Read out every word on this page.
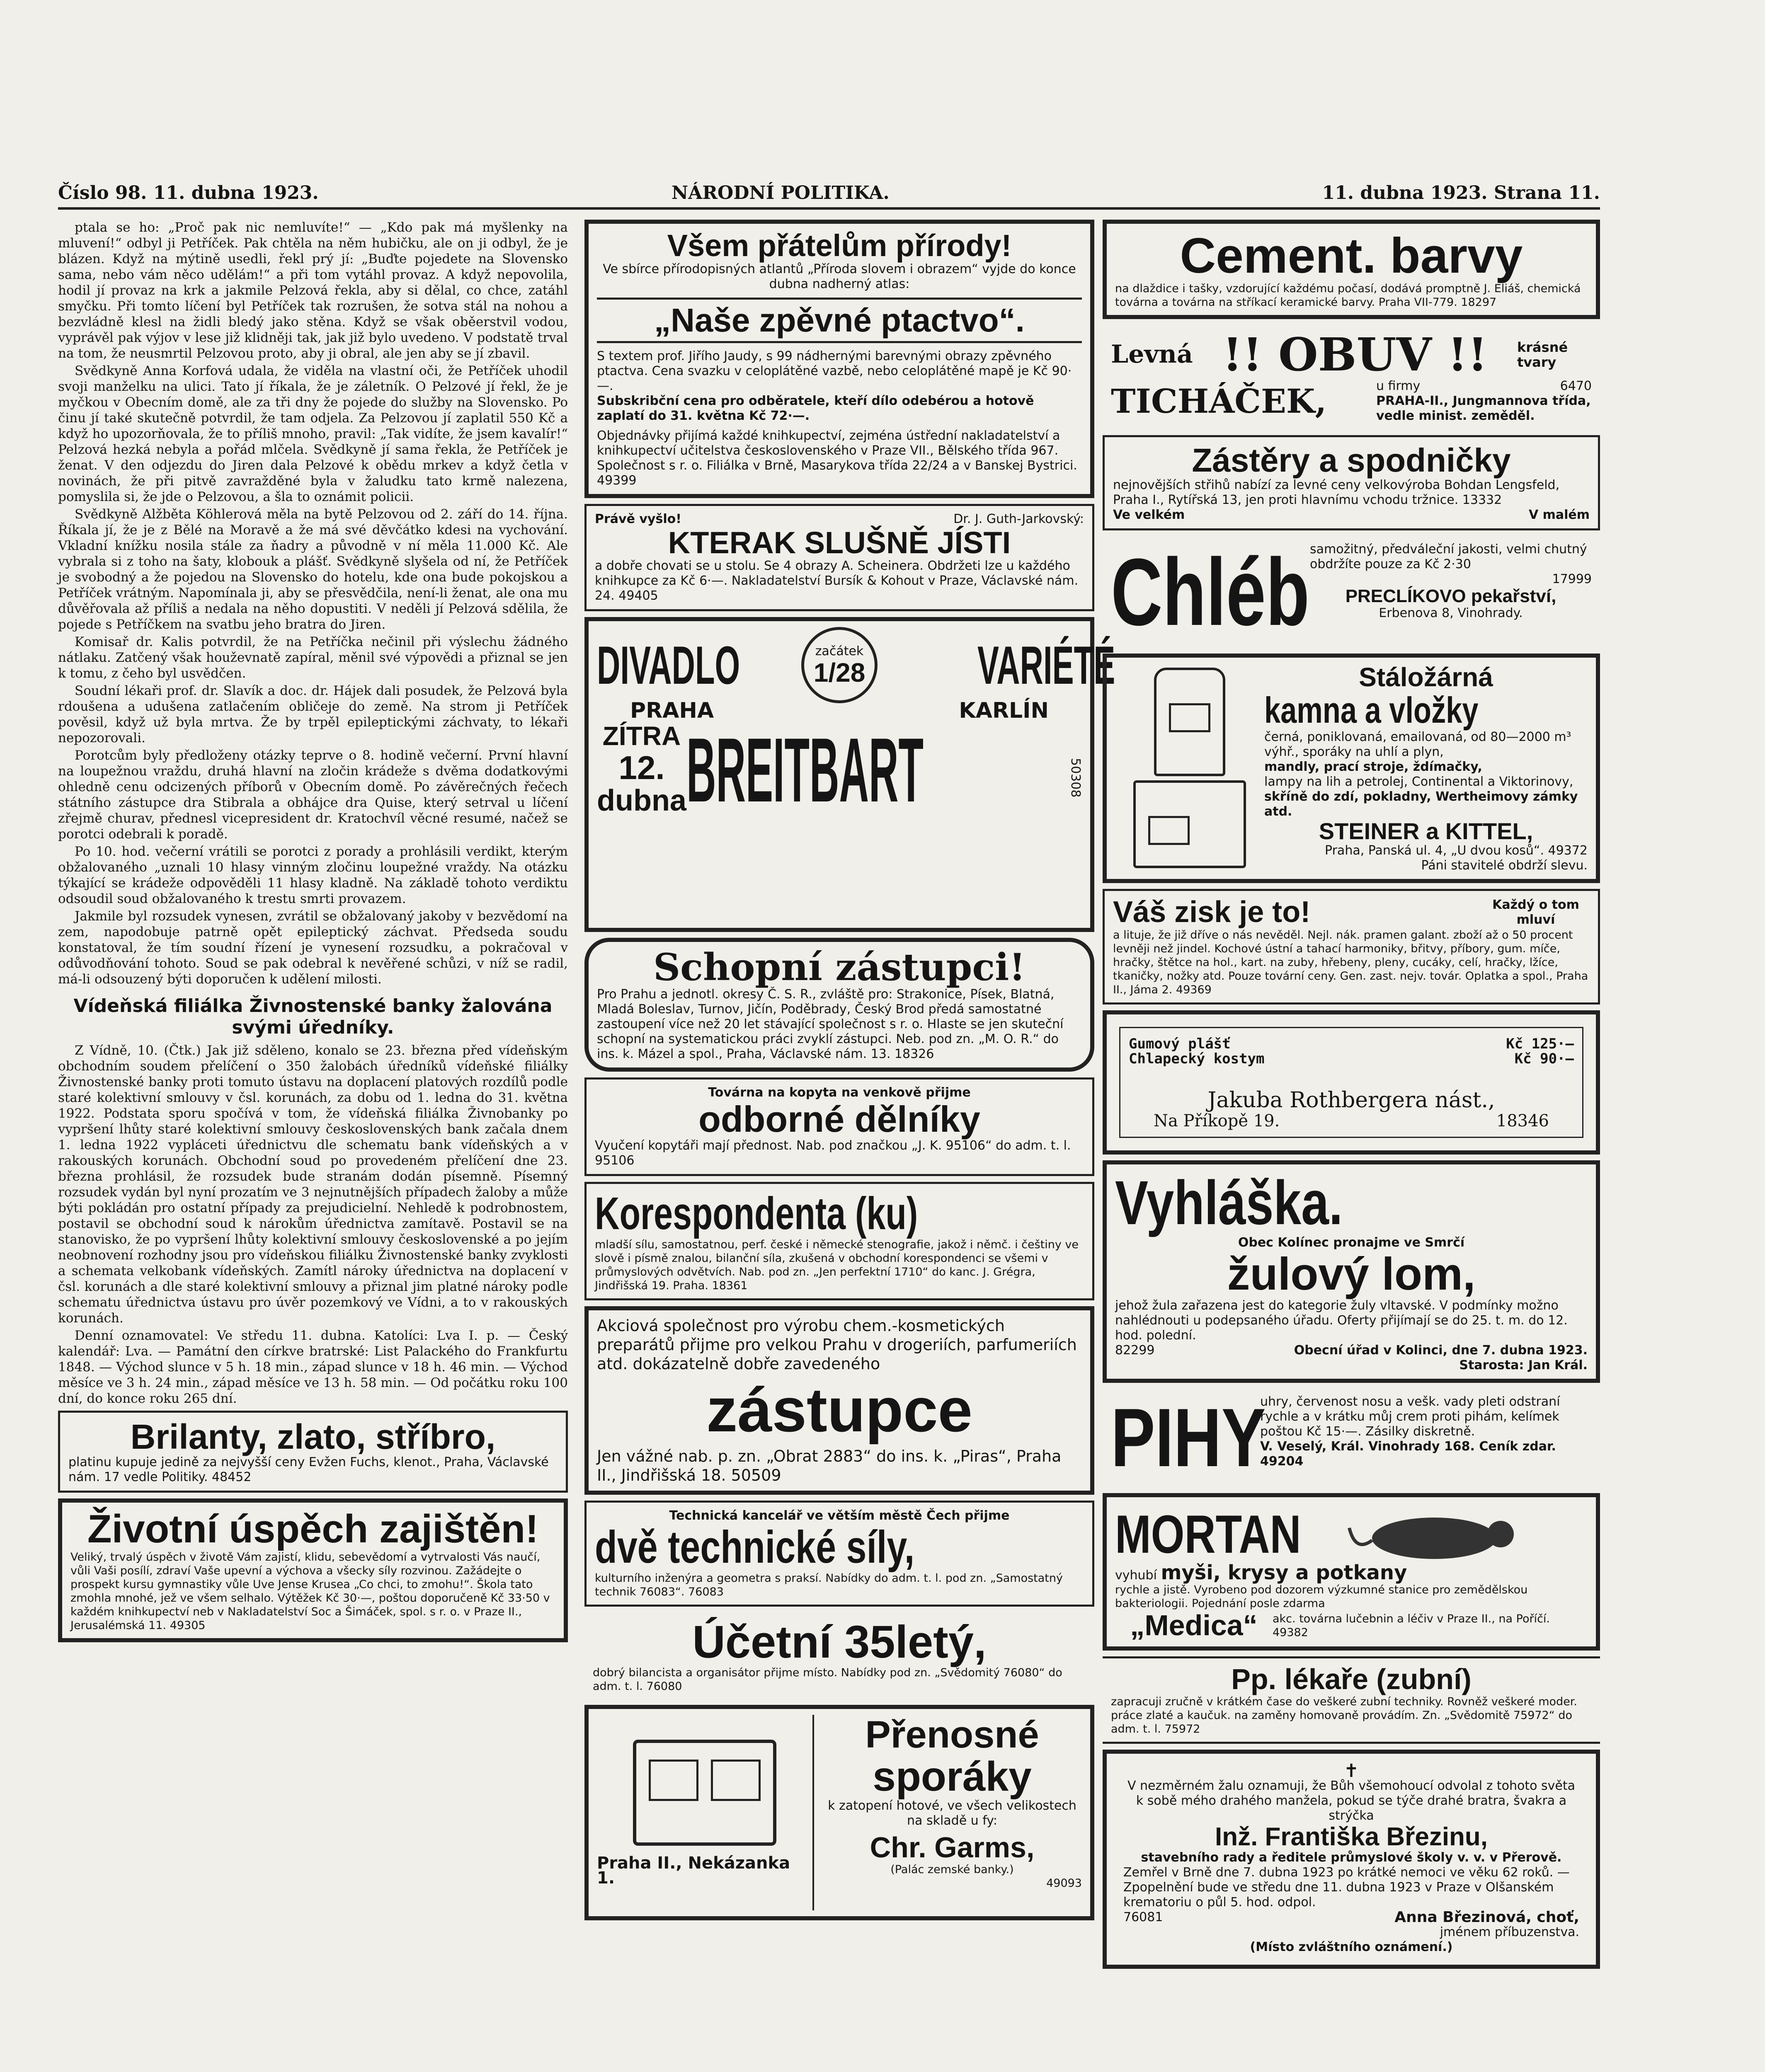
Číslo 98. 11. dubna 1923.	NÁRODNÍ POLITIKA.	11. dubna 1923. Strana 11.

ptala se ho: „Proč pak nic nemluvíte!“ — „Kdo pak má myšlenky na mluvení!“ odbyl ji Petříček. Pak chtěla na něm hubičku, ale on ji odbyl, že je blázen. Když na mýtině usedli, řekl prý jí: „Buďte pojedete na Slovensko sama, nebo vám něco udělám!“ a při tom vytáhl provaz. A když nepovolila, hodil jí provaz na krk a jakmile Pelzová řekla, aby si dělal, co chce, zatáhl smyčku. Při tomto líčení byl Petříček tak rozrušen, že sotva stál na nohou a bezvládně klesl na židli bledý jako stěna. Když se však oběerstvil vodou, vyprávěl pak výjov v lese již klidněji tak, jak již bylo uvedeno. V podstatě trval na tom, že neusmrtil Pelzovou proto, aby ji obral, ale jen aby se jí zbavil.

Svědkyně Anna Korfová udala, že viděla na vlastní oči, že Petříček uhodil svoji manželku na ulici. Tato jí říkala, že je záletník. O Pelzové jí řekl, že je myčkou v Obecním domě, ale za tři dny že pojede do služby na Slovensko. Po činu jí také skutečně potvrdil, že tam odjela. Za Pelzovou jí zaplatil 550 Kč a když ho upozorňovala, že to příliš mnoho, pravil: „Tak vidíte, že jsem kavalír!“ Pelzová hezká nebyla a pořád mlčela. Svědkyně jí sama řekla, že Petříček je ženat. V den odjezdu do Jiren dala Pelzové k obědu mrkev a když četla v novinách, že při pitvě zavražděné byla v žaludku tato krmě nalezena, pomyslila si, že jde o Pelzovou, a šla to oznámit policii.

Svědkyně Alžběta Köhlerová měla na bytě Pelzovou od 2. září do 14. října. Říkala jí, že je z Bělé na Moravě a že má své děvčátko kdesi na vychování. Vkladní knížku nosila stále za ňadry a původně v ní měla 11.000 Kč. Ale vybrala si z toho na šaty, klobouk a plášť. Svědkyně slyšela od ní, že Petříček je svobodný a že pojedou na Slovensko do hotelu, kde ona bude pokojskou a Petříček vrátným. Napomínala ji, aby se přesvědčila, není-li ženat, ale ona mu důvěřovala až příliš a nedala na něho dopustiti. V neděli jí Pelzová sdělila, že pojede s Petříčkem na svatbu jeho bratra do Jiren.

Komisař dr. Kalis potvrdil, že na Petříčka nečinil při výslechu žádného nátlaku. Zatčený však houževnatě zapíral, měnil své výpovědi a přiznal se jen k tomu, z čeho byl usvědčen.

Soudní lékaři prof. dr. Slavík a doc. dr. Hájek dali posudek, že Pelzová byla rdoušena a udušena zatlačením obličeje do země. Na strom ji Petříček pověsil, když už byla mrtva. Že by trpěl epileptickými záchvaty, to lékaři nepozorovali.

Porotcům byly předloženy otázky teprve o 8. hodině večerní. První hlavní na loupežnou vraždu, druhá hlavní na zločin krádeže s dvěma dodatkovými ohledně cenu odcizených příborů v Obecním domě. Po závěrečných řečech státního zástupce dra Stibrala a obhájce dra Quise, který setrval u líčení zřejmě churav, přednesl vicepresident dr. Kratochvíl věcné resumé, načež se porotci odebrali k poradě.

Po 10. hod. večerní vrátili se porotci z porady a prohlásili verdikt, kterým obžalovaného „uznali 10 hlasy vinným zločinu loupežné vraždy. Na otázku týkající se krádeže odpověděli 11 hlasy kladně. Na základě tohoto verdiktu odsoudil soud obžalovaného k trestu smrti provazem.

Jakmile byl rozsudek vynesen, zvrátil se obžalovaný jakoby v bezvědomí na zem, napodobuje patrně opět epileptický záchvat. Předseda soudu konstatoval, že tím soudní řízení je vynesení rozsudku, a pokračoval v odůvodňování tohoto. Soud se pak odebral k nevěřené schůzi, v níž se radil, má-li odsouzený býti doporučen k udělení milosti.

Vídeňská filiálka Živnostenské banky žalována svými úředníky.

Z Vídně, 10. (Čtk.) Jak již sděleno, konalo se 23. března před vídeňským obchodním soudem přelíčení o 350 žalobách úředníků vídeňské filiálky Živnostenské banky proti tomuto ústavu na doplacení platových rozdílů podle staré kolektivní smlouvy v čsl. korunách, za dobu od 1. ledna do 31. května 1922. Podstata sporu spočívá v tom, že vídeňská filiálka Živnobanky po vypršení lhůty staré kolektivní smlouvy československých bank začala dnem 1. ledna 1922 vypláceti úřednictvu dle schematu bank vídeňských a v rakouských korunách. Obchodní soud po provedeném přelíčení dne 23. března prohlásil, že rozsudek bude stranám dodán písemně. Písemný rozsudek vydán byl nyní prozatím ve 3 nejnutnějších případech žaloby a může býti pokládán pro ostatní případy za prejudicielní. Nehledě k podrobnostem, postavil se obchodní soud k nárokům úřednictva zamítavě. Postavil se na stanovisko, že po vypršení lhůty kolektivní smlouvy československé a po jejím neobnovení rozhodny jsou pro vídeňskou filiálku Živnostenské banky zvyklosti a schemata velkobank vídeňských. Zamítl nároky úřednictva na doplacení v čsl. korunách a dle staré kolektivní smlouvy a přiznal jim platné nároky podle schematu úřednictva ústavu pro úvěr pozemkový ve Vídni, a to v rakouských korunách.

Denní oznamovatel: Ve středu 11. dubna. Katolíci: Lva I. p. — Český kalendář: Lva. — Památní den církve bratrské: List Palackého do Frankfurtu 1848. — Východ slunce v 5 h. 18 min., západ slunce v 18 h. 46 min. — Východ měsíce ve 3 h. 24 min., západ měsíce ve 13 h. 58 min. — Od počátku roku 100 dní, do konce roku 265 dní.

Brilanty, zlato, stříbro,
platinu kupuje jedině za nejvyšší ceny Evžen Fuchs, klenot., Praha, Václavské nám. 17 vedle Politiky. 48452
Životní úspěch zajištěn!
Veliký, trvalý úspěch v životě Vám zajistí, klidu, sebevědomí a vytrvalosti Vás naučí, vůli Vaši posílí, zdraví Vaše upevní a výchova a všecky síly rozvinou. Zažádejte o prospekt kursu gymnastiky vůle Uve Jense Krusea „Co chci, to zmohu!“. Škola tato zmohla mnohé, jež ve všem selhalo. Výtěžek Kč 30·—, poštou doporučeně Kč 33·50 v každém knihkupectví neb v Nakladatelství Soc a Šimáček, spol. s r. o. v Praze II., Jerusalémská 11. 49305
Všem přátelům přírody!
Ve sbírce přírodopisných atlantů „Příroda slovem i obrazem“ vyjde do konce dubna nadherný atlas:
„Naše zpěvné ptactvo“.
S textem prof. Jiřího Jaudy, s 99 nádhernými barevnými obrazy zpěvného ptactva. Cena svazku v celoplátěné vazbě, nebo celoplátěné mapě je Kč 90·—.
Subskribční cena pro odběratele, kteří dílo odebérou a hotově zaplatí do 31. května Kč 72·—.
Objednávky přijímá každé knihkupectví, zejména ústřední nakladatelství a knihkupectví učitelstva československého v Praze VII., Bělského třída 967. Společnost s r. o. Filiálka v Brně, Masarykova třída 22/24 a v Banskej Bystrici. 49399
Právě vyšlo!	Dr. J. Guth-Jarkovský:
KTERAK SLUŠNĚ JÍSTI
a dobře chovati se u stolu. Se 4 obrazy A. Scheinera. Obdržeti lze u každého knihkupce za Kč 6·—. Nakladatelství Bursík & Kohout v Praze, Václavské nám. 24. 49405
DIVADLO	začátek
1/28 VARIÉTÉ
PRAHA	KARLÍN
ZÍTRA
12.
dubna BREITBART	50308
Schopní zástupci!
Pro Prahu a jednotl. okresy Č. S. R., zvláště pro: Strakonice, Písek, Blatná, Mladá Boleslav, Turnov, Jičín, Poděbrady, Český Brod předá samostatné zastoupení více než 20 let stávající společnost s r. o. Hlaste se jen skuteční schopní na systematickou práci zvyklí zástupci. Neb. pod zn. „M. O. R.“ do ins. k. Mázel a spol., Praha, Václavské nám. 13. 18326
Továrna na kopyta na venkově přijme
odborné dělníky
Vyučení kopytáři mají přednost. Nab. pod značkou „J. K. 95106“ do adm. t. l. 95106
Korespondenta (ku)
mladší sílu, samostatnou, perf. české i německé stenografie, jakož i němč. i češtiny ve slově i písmě znalou, bilanční síla, zkušená v obchodní korespondenci se všemi v průmyslových odvětvích. Nab. pod zn. „Jen perfektní 1710“ do kanc. J. Grégra, Jindřišská 19. Praha. 18361
Akciová společnost pro výrobu chem.-kosmetických preparátů přijme pro velkou Prahu v drogeriích, parfumeriích atd. dokázatelně dobře zavedeného
zástupce
Jen vážné nab. p. zn. „Obrat 2883“ do ins. k. „Piras“, Praha II., Jindřišská 18. 50509
Technická kancelář ve větším městě Čech přijme
dvě technické síly,
kulturního inženýra a geometra s praksí. Nabídky do adm. t. l. pod zn. „Samostatný technik 76083“. 76083
Účetní 35letý,
dobrý bilancista a organisátor přijme místo. Nabídky pod zn. „Svědomitý 76080“ do adm. t. l. 76080
Praha II., Nekázanka 1.
Přenosné
sporáky
k zatopení hotové, ve všech velikostech na skladě u fy:
Chr. Garms,
(Palác zemské banky.)
49093
Cement. barvy
na dlaždice i tašky, vzdorující každému počasí, dodává promptně J. Eliáš, chemická továrna a továrna na stříkací keramické barvy. Praha VII-779. 18297
Levná !! OBUV !! krásné tvary
TICHÁČEK,	u firmy	6470

PRAHA-II., Jungmannova třída, vedle minist. zeměděl.
Zástěry a spodničky
nejnovějších střihů nabízí za levné ceny velkovýroba Bohdan Lengsfeld, Praha I., Rytířská 13, jen proti hlavnímu vchodu tržnice. 13332
Ve velkém	V malém
Chléb samožitný, předváleční jakosti, velmi chutný obdržíte pouze za Kč 2·30
17999
PRECLÍKOVO pekařství,
Erbenova 8, Vinohrady.
Stáložárná
kamna a vložky
černá, poniklovaná, emailovaná, od 80—2000 m³ výhř., sporáky na uhlí a plyn,
mandly, prací stroje, ždímačky,
lampy na lih a petrolej, Continental a Viktorinovy,
skříně do zdí, pokladny, Wertheimovy zámky atd.
STEINER a KITTEL,
Praha, Panská ul. 4, „U dvou kosů“. 49372
Páni stavitelé obdrží slevu.
Váš zisk je to!	Každý o tom mluví
a lituje, že již dříve o nás nevěděl. Nejl. nák. pramen galant. zboží až o 50 procent levněji než jindel. Kochové ústní a tahací harmoniky, břitvy, příbory, gum. míče, hračky, štětce na hol., kart. na zuby, hřebeny, pleny, cucáky, celí, hračky, lžíce, tkaničky, nožky atd. Pouze tovární ceny. Gen. zast. nejv. továr. Oplatka a spol., Praha II., Jámа 2. 49369
Gumový plášť	Kč 125·—
Chlapecký kostym	Kč 90·—
Jakuba Rothbergera nást.,
Na Příkopě 19.	18346
Vyhláška.
Obec Kolínec pronajme ve Smrčí
žulový lom,
jehož žula zařazena jest do kategorie žuly vltavské. V podmínky možno nahlédnouti u podepsaného úřadu. Oferty přijímají se do 25. t. m. do 12. hod. polední.
82299	Obecní úřad v Kolinci, dne 7. dubna 1923.
Starosta: Jan Král.
PIHY
uhry, červenost nosu a vešk. vady pleti odstraní rychle a v krátku můj crem proti pihám, kelímek poštou Kč 15·—. Zásilky diskretně.
V. Veselý, Král. Vinohrady 168. Ceník zdar. 49204
MORTAN
vyhubí myši, krysy a potkany
rychle a jistě. Vyrobeno pod dozorem výzkumné stanice pro zemědělskou bakteriologii. Pojednání posle zdarma
„Medica“	akc. továrna lučebnin a léčiv v Praze II., na Poříčí. 49382
Pp. lékaře (zubní)
zapracuji zručně v krátkém čase do veškeré zubní techniky. Rovněž veškeré moder. práce zlaté a kaučuk. na zaměny homovaně provádím. Zn. „Svědomitě 75972“ do adm. t. l. 75972
✝
V nezměrném žalu oznamuji, že Bůh všemohoucí odvolal z tohoto světa k sobě mého drahého manžela, pokud se týče drahé bratra, švakra a strýčka
Inž. Františka Březinu,
stavebního rady a ředitele průmyslové školy v. v. v Přerově.
Zemřel v Brně dne 7. dubna 1923 po krátké nemoci ve věku 62 roků. — Zpopelnění bude ve středu dne 11. dubna 1923 v Praze v Olšanském krematoriu o půl 5. hod. odpol.
76081	Anna Březinová, choť,
jménem příbuzenstva.
(Místo zvláštního oznámení.)
